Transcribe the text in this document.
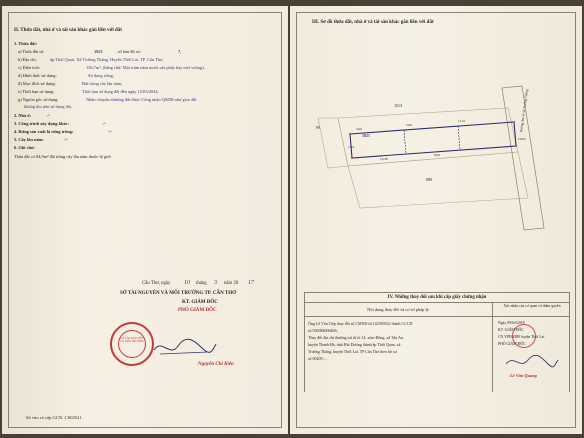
II. Thửa đất, nhà ở và tài sản khác gắn liền với đất
1. Thửa đất:
a) Thửa đất số:	1021	, tờ bản đồ số:	7,
b) Địa chỉ:	ấp Thới Quan, Xã Trường Thắng, Huyện Thới Lai, TP. Cần Thơ,
c) Diện tích:	156,7m², (bằng chữ: Một trăm năm mươi sáu phẩy bảy mét vuông),
d) Hình thức sử dụng:	Sử dụng riêng,
đ) Mục đích sử dụng:	Đất trồng cây lâu năm,
e) Thời hạn sử dụng:	Thời hạn sử dụng đất đến ngày 15/03/2044,
g) Nguồn gốc sử dụng:	Nhận chuyển nhượng đất được Công nhận QSDĐ như giao đất
không thu tiền sử dụng đất,
2. Nhà ở:	-/-
3. Công trình xây dựng khác:	-/-
4. Rừng sản xuất là rừng trồng:	-/-
5. Cây lâu năm:	-/-
6. Ghi chú:
Thửa đất có 84,9m² đất trồng cây lâu năm thuộc lộ giới
Cần Thơ, ngày 10 tháng 3 năm 20 17
SỞ TÀI NGUYÊN VÀ MÔI TRƯỜNG TP. CẦN THƠ
KT. GIÁM ĐỐC
PHÓ GIÁM ĐỐC
SỞ TÀI NGUYÊN VÀ MÔI TRƯỜNG
Nguyễn Chí Kiên
Số vào sổ cấp GCN: CS02521
III. Sơ đồ thửa đất, nhà ở và tài sản khác gắn liền với đất
1021
1013
889
99	Đường đan tổ xã Trường Thắng
5,00
5,00
11,51
13,28
8,00
10,65
1,64
IV. Những thay đổi sau khi cấp giấy chứng nhận
Nội dung thay đổi và cơ sở pháp lý
Xác nhận của cơ quan có thẩm quyền
Ông Lê Văn Tiệp thay đổi số CMND từ 142390522 thành CCCD
số 030084006406;
Thay đổi địa chỉ thường trú từ tổ 14, xóm Đồng, xã Tân An,
huyện Thanh Hà, tỉnh Hải Dương thành ấp Thới Quan, xã
Trường Thắng, huyện Thới Lai, TP Cần Thơ theo hồ sơ
số 00205/...
Ngày 09/04/2018
KT. GIÁM ĐỐC
CN VPĐKĐĐ huyện Thới Lai
PHÓ GIÁM ĐỐC
Lê Văn Quang
